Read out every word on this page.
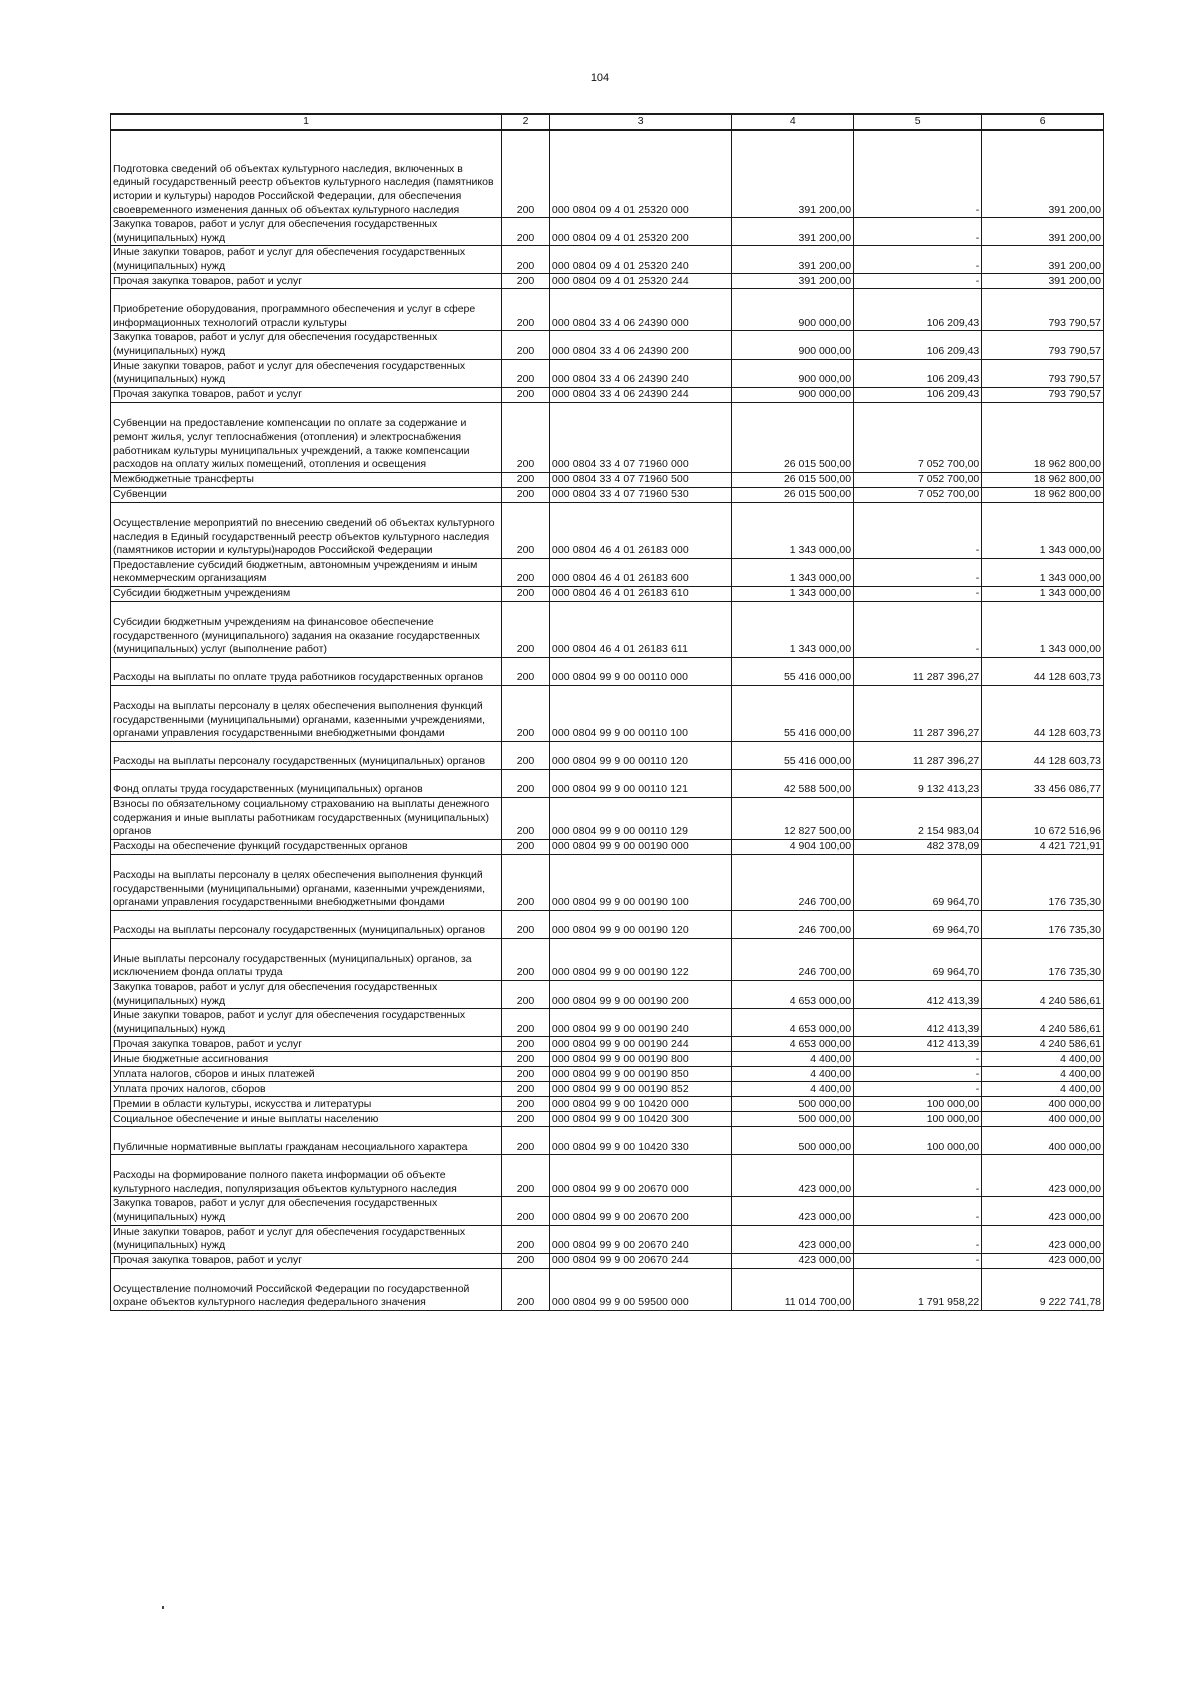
104
1	2	3	4	5	6
Подготовка сведений об объектах культурного наследия, включенных в единый государственный реестр объектов культурного наследия (памятников истории и культуры) народов Российской Федерации, для обеспечения своевременного изменения данных об объектах культурного наследия	200	000 0804 09 4 01 25320 000	391 200,00	-	391 200,00
Закупка товаров, работ и услуг для обеспечения государственных (муниципальных) нужд	200	000 0804 09 4 01 25320 200	391 200,00	-	391 200,00
Иные закупки товаров, работ и услуг для обеспечения государственных (муниципальных) нужд	200	000 0804 09 4 01 25320 240	391 200,00	-	391 200,00
Прочая закупка товаров, работ и услуг	200	000 0804 09 4 01 25320 244	391 200,00	-	391 200,00
Приобретение оборудования, программного обеспечения и услуг в сфере информационных технологий отрасли культуры	200	000 0804 33 4 06 24390 000	900 000,00	106 209,43	793 790,57
Закупка товаров, работ и услуг для обеспечения государственных (муниципальных) нужд	200	000 0804 33 4 06 24390 200	900 000,00	106 209,43	793 790,57
Иные закупки товаров, работ и услуг для обеспечения государственных (муниципальных) нужд	200	000 0804 33 4 06 24390 240	900 000,00	106 209,43	793 790,57
Прочая закупка товаров, работ и услуг	200	000 0804 33 4 06 24390 244	900 000,00	106 209,43	793 790,57
Субвенции на предоставление компенсации по оплате за содержание и ремонт жилья, услуг теплоснабжения (отопления) и электроснабжения работникам культуры муниципальных учреждений, а также компенсации расходов на оплату жилых помещений, отопления и освещения	200	000 0804 33 4 07 71960 000	26 015 500,00	7 052 700,00	18 962 800,00
Межбюджетные трансферты	200	000 0804 33 4 07 71960 500	26 015 500,00	7 052 700,00	18 962 800,00
Субвенции	200	000 0804 33 4 07 71960 530	26 015 500,00	7 052 700,00	18 962 800,00
Осуществление мероприятий по внесению сведений об объектах культурного наследия в Единый государственный реестр объектов культурного наследия (памятников истории и культуры)народов Российской Федерации	200	000 0804 46 4 01 26183 000	1 343 000,00	-	1 343 000,00
Предоставление субсидий бюджетным, автономным учреждениям и иным некоммерческим организациям	200	000 0804 46 4 01 26183 600	1 343 000,00	-	1 343 000,00
Субсидии бюджетным учреждениям	200	000 0804 46 4 01 26183 610	1 343 000,00	-	1 343 000,00
Субсидии бюджетным учреждениям на финансовое обеспечение государственного (муниципального) задания на оказание государственных (муниципальных) услуг (выполнение работ)	200	000 0804 46 4 01 26183 611	1 343 000,00	-	1 343 000,00
Расходы на выплаты по оплате труда работников государственных органов	200	000 0804 99 9 00 00110 000	55 416 000,00	11 287 396,27	44 128 603,73
Расходы на выплаты персоналу в целях обеспечения выполнения функций государственными (муниципальными) органами, казенными учреждениями, органами управления государственными внебюджетными фондами	200	000 0804 99 9 00 00110 100	55 416 000,00	11 287 396,27	44 128 603,73
Расходы на выплаты персоналу государственных (муниципальных) органов	200	000 0804 99 9 00 00110 120	55 416 000,00	11 287 396,27	44 128 603,73
Фонд оплаты труда государственных (муниципальных) органов	200	000 0804 99 9 00 00110 121	42 588 500,00	9 132 413,23	33 456 086,77
Взносы по обязательному социальному страхованию на выплаты денежного содержания и иные выплаты работникам государственных (муниципальных) органов	200	000 0804 99 9 00 00110 129	12 827 500,00	2 154 983,04	10 672 516,96
Расходы на обеспечение функций государственных органов	200	000 0804 99 9 00 00190 000	4 904 100,00	482 378,09	4 421 721,91
Расходы на выплаты персоналу в целях обеспечения выполнения функций государственными (муниципальными) органами, казенными учреждениями, органами управления государственными внебюджетными фондами	200	000 0804 99 9 00 00190 100	246 700,00	69 964,70	176 735,30
Расходы на выплаты персоналу государственных (муниципальных) органов	200	000 0804 99 9 00 00190 120	246 700,00	69 964,70	176 735,30
Иные выплаты персоналу государственных (муниципальных) органов, за исключением фонда оплаты труда	200	000 0804 99 9 00 00190 122	246 700,00	69 964,70	176 735,30
Закупка товаров, работ и услуг для обеспечения государственных (муниципальных) нужд	200	000 0804 99 9 00 00190 200	4 653 000,00	412 413,39	4 240 586,61
Иные закупки товаров, работ и услуг для обеспечения государственных (муниципальных) нужд	200	000 0804 99 9 00 00190 240	4 653 000,00	412 413,39	4 240 586,61
Прочая закупка товаров, работ и услуг	200	000 0804 99 9 00 00190 244	4 653 000,00	412 413,39	4 240 586,61
Иные бюджетные ассигнования	200	000 0804 99 9 00 00190 800	4 400,00	-	4 400,00
Уплата налогов, сборов и иных платежей	200	000 0804 99 9 00 00190 850	4 400,00	-	4 400,00
Уплата прочих налогов, сборов	200	000 0804 99 9 00 00190 852	4 400,00	-	4 400,00
Премии в области культуры, искусства и литературы	200	000 0804 99 9 00 10420 000	500 000,00	100 000,00	400 000,00
Социальное обеспечение и иные выплаты населению	200	000 0804 99 9 00 10420 300	500 000,00	100 000,00	400 000,00
Публичные нормативные выплаты гражданам несоциального характера	200	000 0804 99 9 00 10420 330	500 000,00	100 000,00	400 000,00
Расходы на формирование полного пакета информации об объекте культурного наследия, популяризация объектов культурного наследия	200	000 0804 99 9 00 20670 000	423 000,00	-	423 000,00
Закупка товаров, работ и услуг для обеспечения государственных (муниципальных) нужд	200	000 0804 99 9 00 20670 200	423 000,00	-	423 000,00
Иные закупки товаров, работ и услуг для обеспечения государственных (муниципальных) нужд	200	000 0804 99 9 00 20670 240	423 000,00	-	423 000,00
Прочая закупка товаров, работ и услуг	200	000 0804 99 9 00 20670 244	423 000,00	-	423 000,00
Осуществление полномочий Российской Федерации по государственной охране объектов культурного наследия федерального значения	200	000 0804 99 9 00 59500 000	11 014 700,00	1 791 958,22	9 222 741,78
